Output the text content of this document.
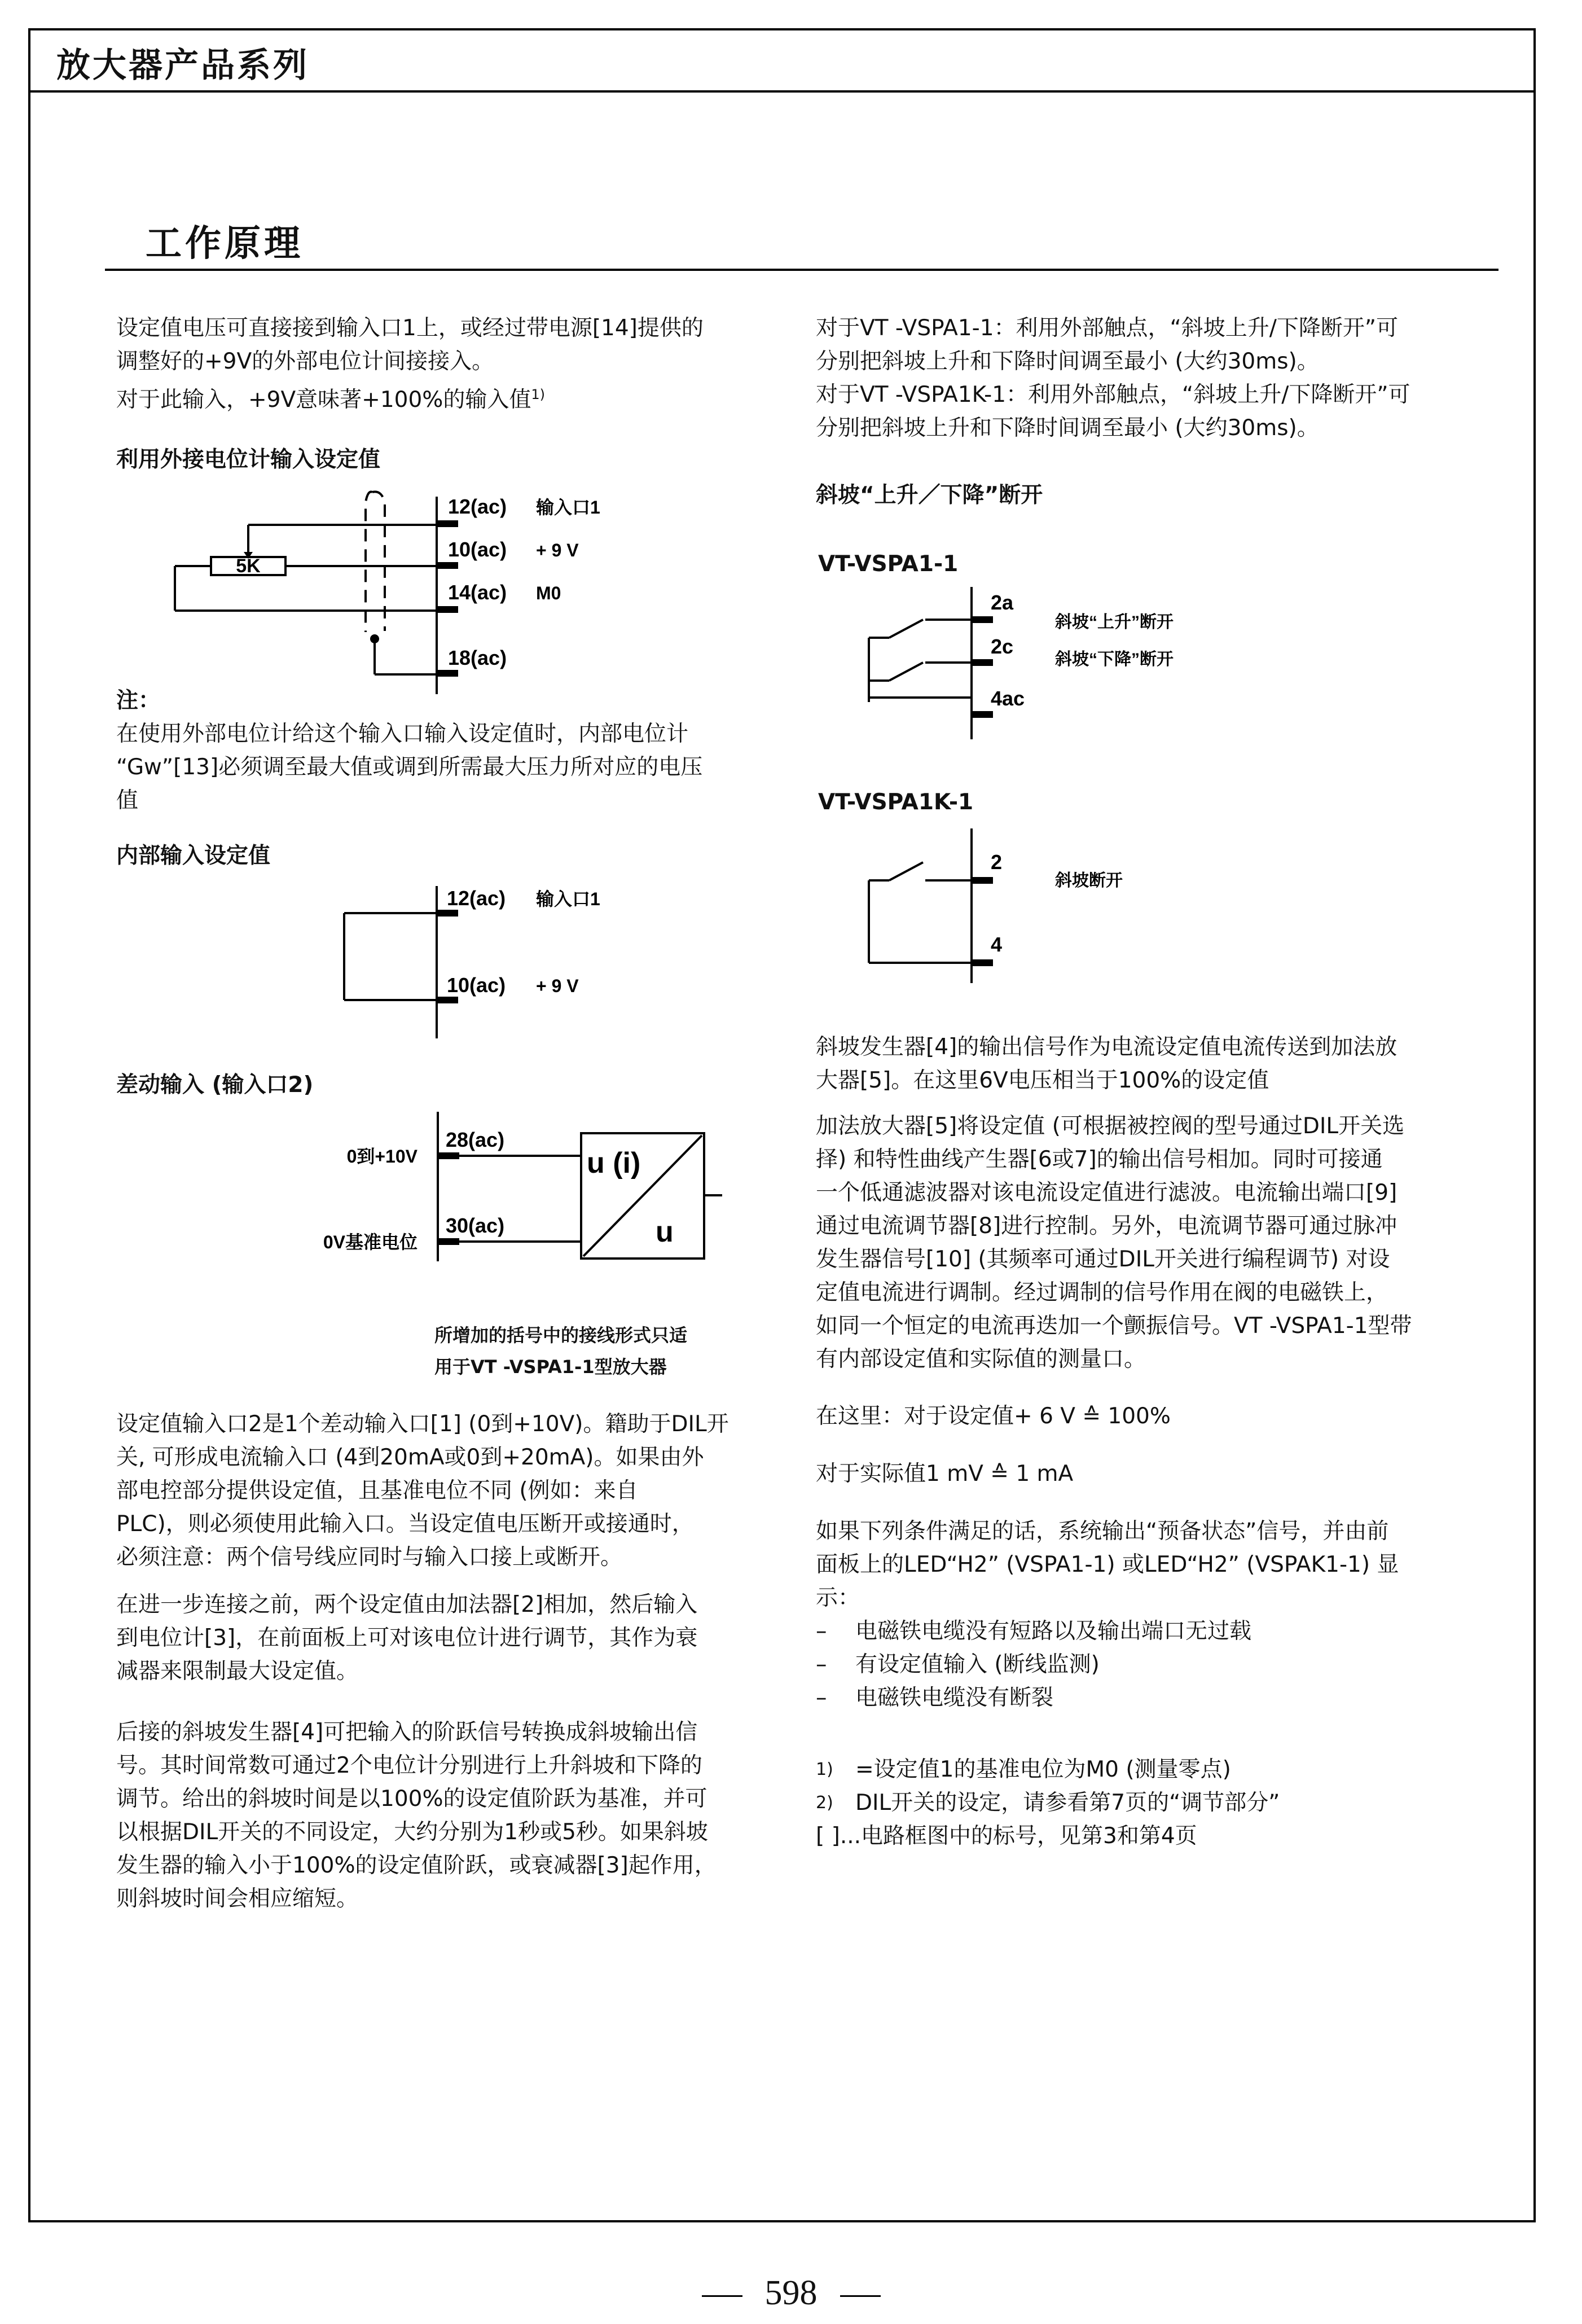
放大器产品系列
工作原理

设定值电压可直接接到输入口1上，或经过带电源[14]提供的

调整好的+9V的外部电位计间接接入。

对于此输入，+9V意味著+100%的输入值$^{1)}$

利用外接电位计输入设定值
5K
12(ac)
10(ac)
14(ac)
18(ac)
输入口1
+ 9 V
M0

注：

在使用外部电位计给这个输入口输入设定值时，内部电位计

“Gw”[13]必须调至最大值或调到所需最大压力所对应的电压

值

内部输入设定值
12(ac)
10(ac)
输入口1
+ 9 V
差动输入 (输入口2)
28(ac)
30(ac)
0到+10V
0V基准电位
u (i)
u
所增加的括号中的接线形式只适
用于VT -VSPA1-1型放大器

设定值输入口2是1个差动输入口[1] (0到+10V)。籍助于DIL开

关, 可形成电流输入口 (4到20mA或0到+20mA)。如果由外

部电控部分提供设定值，且基准电位不同 (例如：来自

PLC)，则必须使用此输入口。当设定值电压断开或接通时，

必须注意：两个信号线应同时与输入口接上或断开。

在进一步连接之前，两个设定值由加法器[2]相加，然后输入

到电位计[3]，在前面板上可对该电位计进行调节，其作为衰

减器来限制最大设定值。

后接的斜坡发生器[4]可把输入的阶跃信号转换成斜坡输出信

号。其时间常数可通过2个电位计分别进行上升斜坡和下降的

调节。给出的斜坡时间是以100%的设定值阶跃为基准，并可

以根据DIL开关的不同设定，大约分别为1秒或5秒。如果斜坡

发生器的输入小于100%的设定值阶跃，或衰减器[3]起作用，

则斜坡时间会相应缩短。

对于VT -VSPA1-1：利用外部触点，“斜坡上升/下降断开”可

分别把斜坡上升和下降时间调至最小 (大约30ms)。

对于VT -VSPA1K-1：利用外部触点，“斜坡上升/下降断开”可

分别把斜坡上升和下降时间调至最小 (大约30ms)。

斜坡“上升／下降”断开
VT-VSPA1-1
2a
2c
4ac
斜坡“上升”断开
斜坡“下降”断开
VT-VSPA1K-1
2
4
斜坡断开

斜坡发生器[4]的输出信号作为电流设定值电流传送到加法放

大器[5]。在这里6V电压相当于100%的设定值

加法放大器[5]将设定值 (可根据被控阀的型号通过DIL开关选

择) 和特性曲线产生器[6或7]的输出信号相加。同时可接通

一个低通滤波器对该电流设定值进行滤波。电流输出端口[9]

通过电流调节器[8]进行控制。另外，电流调节器可通过脉冲

发生器信号[10] (其频率可通过DIL开关进行编程调节) 对设

定值电流进行调制。经过调制的信号作用在阀的电磁铁上，

如同一个恒定的电流再迭加一个颤振信号。VT -VSPA1-1型带

有内部设定值和实际值的测量口。

在这里：对于设定值+ 6 V ≙ 100%
对于实际值1 mV ≙ 1 mA

如果下列条件满足的话，系统输出“预备状态”信号，并由前

面板上的LED“H2” (VSPA1-1) 或LED“H2” (VSPAK1-1) 显

示：

–	电磁铁电缆没有短路以及输出端口无过载
–	有设定值输入 (断线监测)
–	电磁铁电缆没有断裂
1)	=设定值1的基准电位为M0 (测量零点)
2)	DIL开关的设定，请参看第7页的“调节部分”
[ ]...电路框图中的标号，见第3和第4页
598
